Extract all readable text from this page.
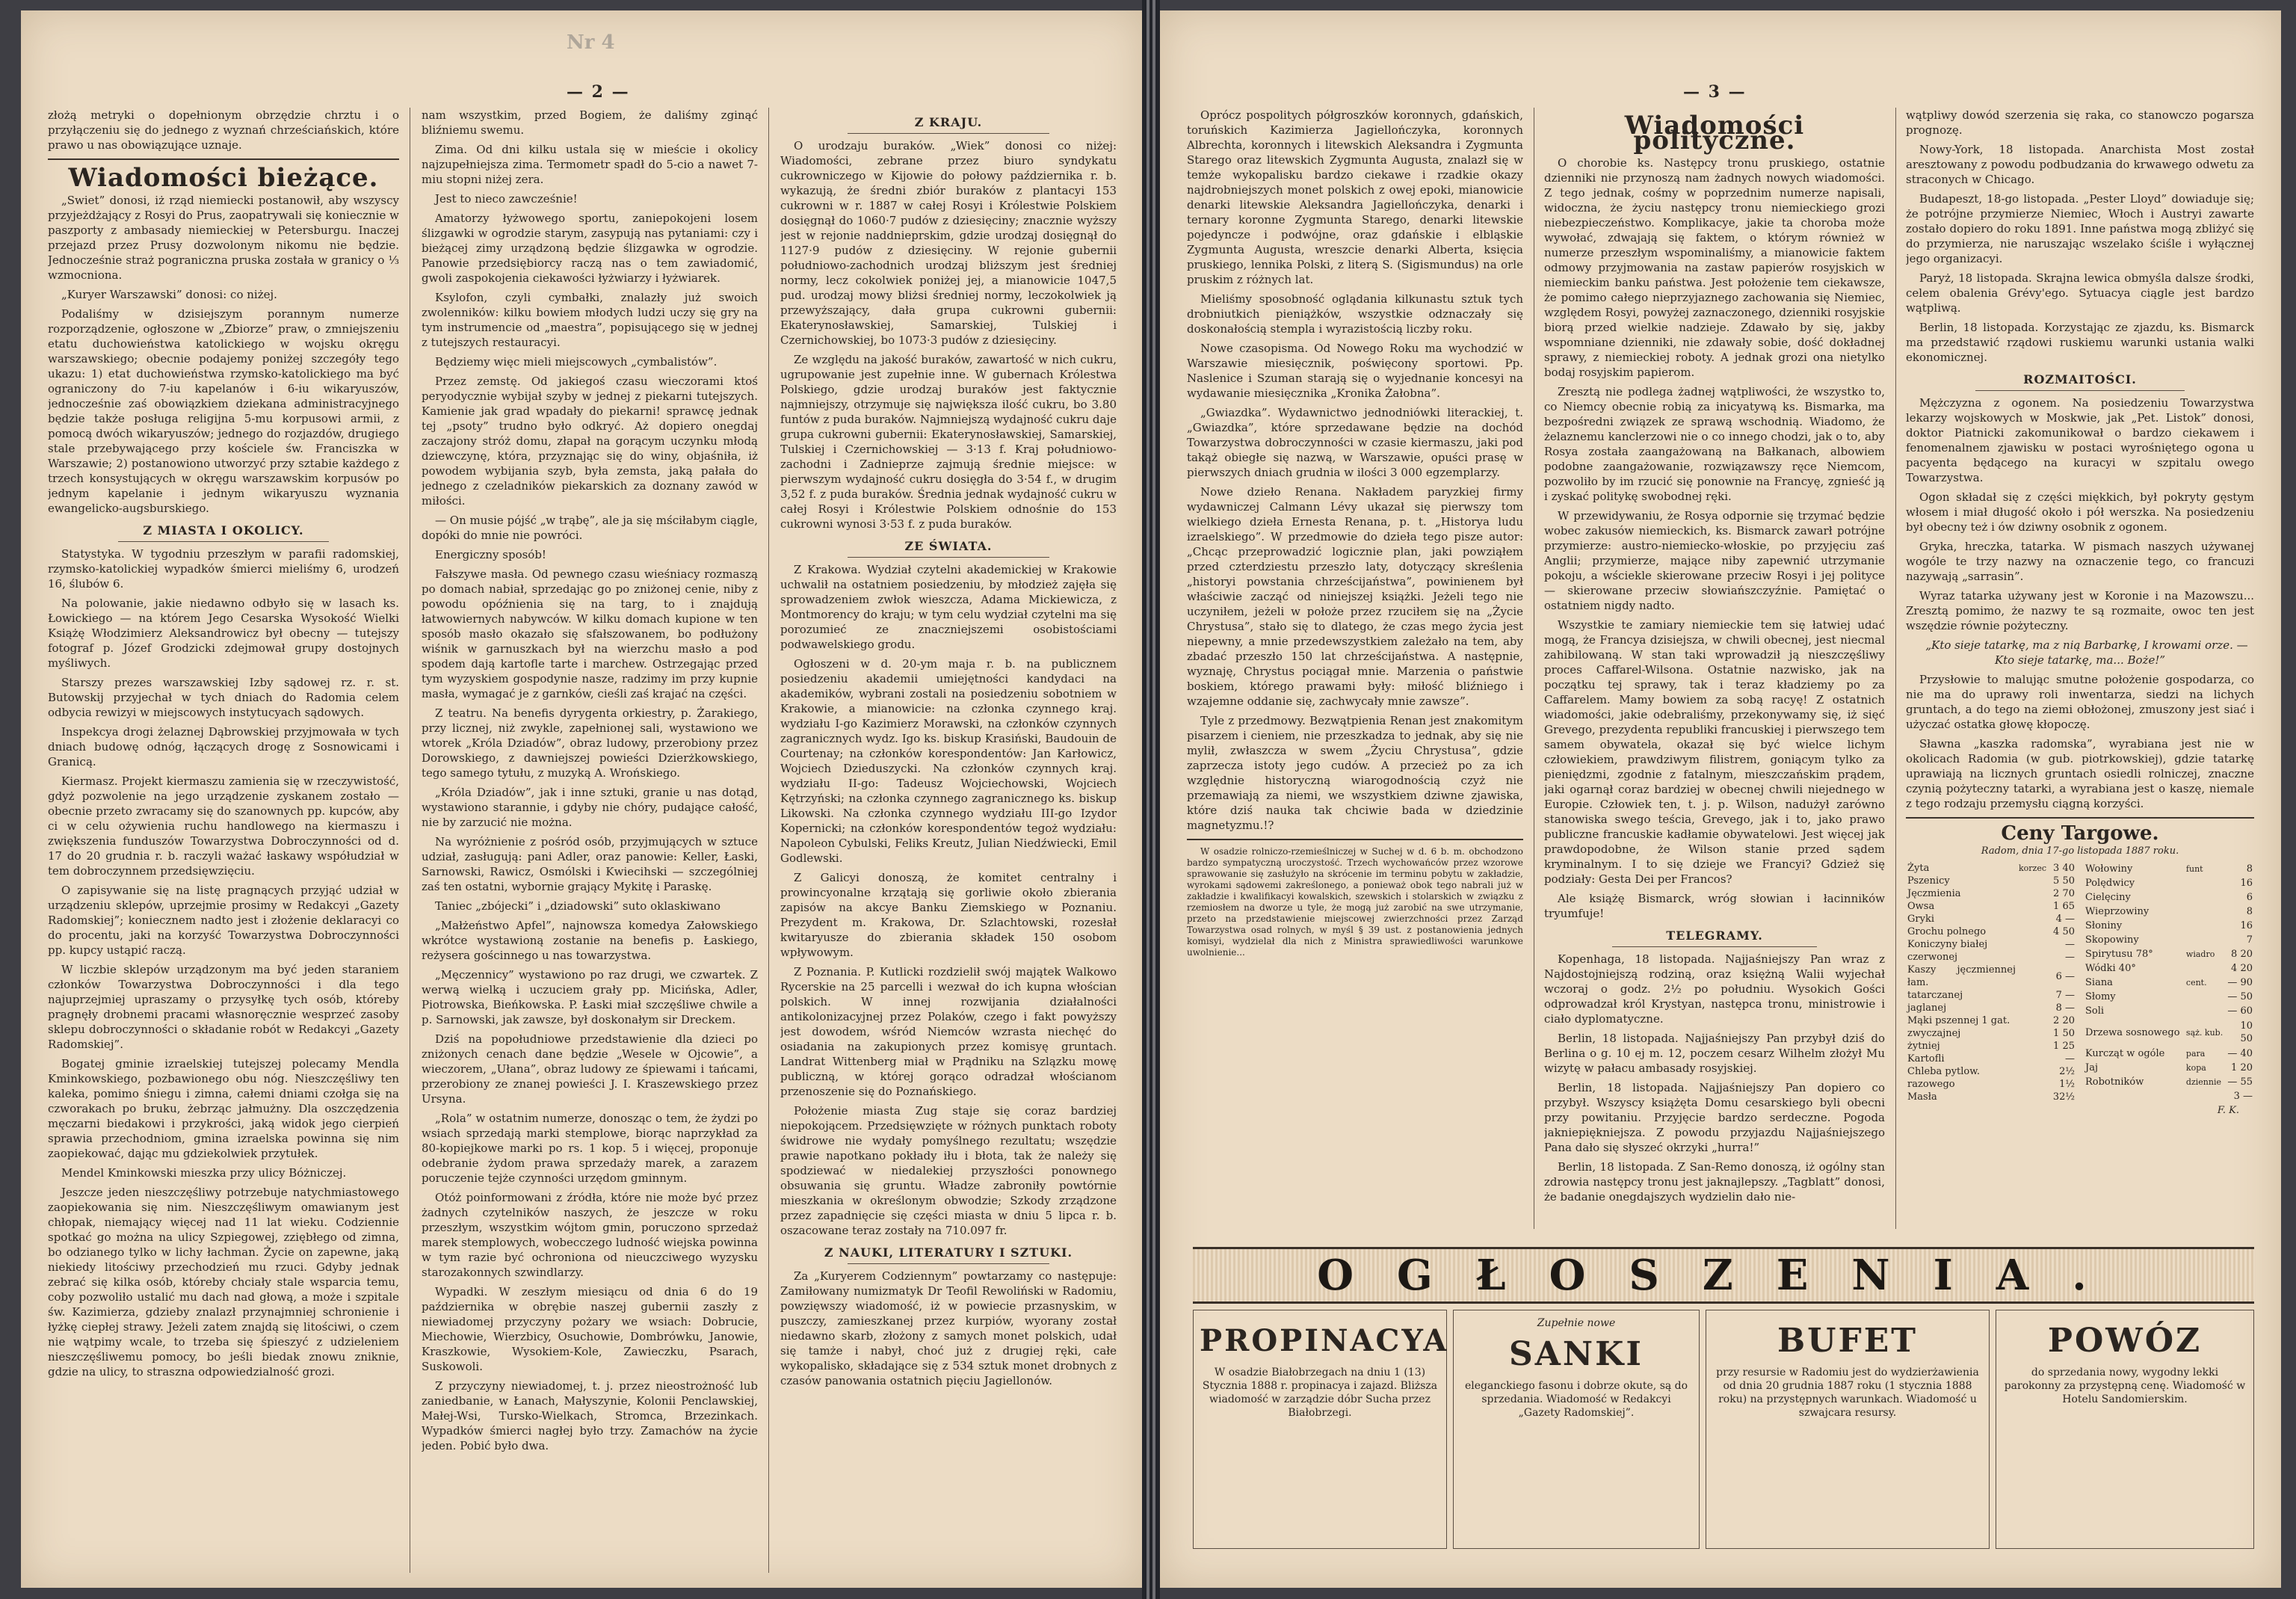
Nr 4
— 2 —

złożą metryki o dopełnionym obrzędzie chrztu i o przyłączeniu się do jednego z wyznań chrześciańskich, które prawo u nas obowiązujące uznaje.

Wiadomości bieżące.

„Swiet” donosi, iż rząd niemiecki postanowił, aby wszyscy przyjeżdżający z Rosyi do Prus, zaopatrywali się koniecznie w paszporty z ambasady niemieckiej w Petersburgu. Inaczej przejazd przez Prusy dozwolonym nikomu nie będzie. Jednocześnie straż pograniczna pruska została w granicy o ⅓ wzmocniona.

„Kuryer Warszawski” donosi: co niżej.

Podaliśmy w dzisiejszym porannym numerze rozporządzenie, ogłoszone w „Zbiorze” praw, o zmniejszeniu etatu duchowieństwa katolickiego w wojsku okręgu warszawskiego; obecnie podajemy poniżej szczegóły tego ukazu: 1) etat duchowieństwa rzymsko-katolickiego ma być ograniczony do 7-iu kapelanów i 6-iu wikaryuszów, jednocześnie zaś obowiązkiem dziekana administracyjnego będzie także posługa religijna 5-mu korpusowi armii, z pomocą dwóch wikaryuszów; jednego do rozjazdów, drugiego stale przebywającego przy kościele św. Franciszka w Warszawie; 2) postanowiono utworzyć przy sztabie każdego z trzech konsystujących w okręgu warszawskim korpusów po jednym kapelanie i jednym wikaryuszu wyznania ewangelicko-augsburskiego.

Z MIASTA I OKOLICY.

Statystyka. W tygodniu przeszłym w parafii radomskiej, rzymsko-katolickiej wypadków śmierci mieliśmy 6, urodzeń 16, ślubów 6.

Na polowanie, jakie niedawno odbyło się w lasach ks. Łowickiego — na którem Jego Cesarska Wysokość Wielki Książę Włodzimierz Aleksandrowicz był obecny — tutejszy fotograf p. Józef Grodzicki zdejmował grupy dostojnych myśliwych.

Starszy prezes warszawskiej Izby sądowej rz. r. st. Butowskij przyjechał w tych dniach do Radomia celem odbycia rewizyi w miejscowych instytucyach sądowych.

Inspekcya drogi żelaznej Dąbrowskiej przyjmowała w tych dniach budowę odnóg, łączących drogę z Sosnowicami i Granicą.

Kiermasz. Projekt kiermaszu zamienia się w rzeczywistość, gdyż pozwolenie na jego urządzenie zyskanem zostało — obecnie przeto zwracamy się do szanownych pp. kupców, aby ci w celu ożywienia ruchu handlowego na kiermaszu i zwiększenia funduszów Towarzystwa Dobroczynności od d. 17 do 20 grudnia r. b. raczyli ważać łaskawy współudział w tem dobroczynnem przedsięwzięciu.

O zapisywanie się na listę pragnących przyjąć udział w urządzeniu sklepów, uprzejmie prosimy w Redakcyi „Gazety Radomskiej”; koniecznem nadto jest i złożenie deklaracyi co do procentu, jaki na korzyść Towarzystwa Dobroczynności pp. kupcy ustąpić raczą.

W liczbie sklepów urządzonym ma być jeden staraniem członków Towarzystwa Dobroczynności i dla tego najuprzejmiej upraszamy o przysyłkę tych osób, któreby pragnęły drobnemi pracami własnoręcznie wesprzeć zasoby sklepu dobroczynności o składanie robót w Redakcyi „Gazety Radomskiej”.

Bogatej gminie izraelskiej tutejszej polecamy Mendla Kminkowskiego, pozbawionego obu nóg. Nieszczęśliwy ten kaleka, pomimo śniegu i zimna, całemi dniami czołga się na czworakach po bruku, żebrząc jałmużny. Dla oszczędzenia męczarni biedakowi i przykrości, jaką widok jego cierpień sprawia przechodniom, gmina izraelska powinna się nim zaopiekować, dając mu gdziekolwiek przytułek.

Mendel Kminkowski mieszka przy ulicy Bóżniczej.

Jeszcze jeden nieszczęśliwy potrzebuje natychmiastowego zaopiekowania się nim. Nieszczęśliwym omawianym jest chłopak, niemający więcej nad 11 lat wieku. Codziennie spotkać go można na ulicy Szpiegowej, zziębłego od zimna, bo odzianego tylko w lichy łachman. Życie on zapewne, jaką niekiedy litościwy przechodzień mu rzuci. Gdyby jednak zebrać się kilka osób, któreby chciały stale wsparcia temu, coby pozwoliło ustalić mu dach nad głową, a może i szpitale św. Kazimierza, gdzieby znalazł przynajmniej schronienie i łyżkę ciepłej strawy. Jeżeli zatem znajdą się litościwi, o czem nie wątpimy wcale, to trzeba się śpieszyć z udzieleniem nieszczęśliwemu pomocy, bo jeśli biedak znowu zniknie, gdzie na ulicy, to straszna odpowiedzialność grozi.

nam wszystkim, przed Bogiem, że daliśmy zginąć bliźniemu swemu.

Zima. Od dni kilku ustala się w mieście i okolicy najzupełniejsza zima. Termometr spadł do 5-cio a nawet 7-miu stopni niżej zera.

Jest to nieco zawcześnie!

Amatorzy łyżwowego sportu, zaniepokojeni losem ślizgawki w ogrodzie starym, zasypują nas pytaniami: czy i bieżącej zimy urządzoną będzie ślizgawka w ogrodzie. Panowie przedsiębiorcy raczą nas o tem zawiadomić, gwoli zaspokojenia ciekawości łyżwiarzy i łyżwiarek.

Ksylofon, czyli cymbałki, znalazły już swoich zwolenników: kilku bowiem młodych ludzi uczy się gry na tym instrumencie od „maestra”, popisującego się w jednej z tutejszych restauracyi.

Będziemy więc mieli miejscowych „cymbalistów”.

Przez zemstę. Od jakiegoś czasu wieczorami ktoś peryodycznie wybijał szyby w jednej z piekarni tutejszych. Kamienie jak grad wpadały do piekarni! sprawcę jednak tej „psoty” trudno było odkryć. Aż dopiero onegdaj zaczajony stróż domu, złapał na gorącym uczynku młodą dziewczynę, która, przyznając się do winy, objaśniła, iż powodem wybijania szyb, była zemsta, jaką pałała do jednego z czeladników piekarskich za doznany zawód w miłości.

— On musie pójść „w trąbę”, ale ja się mściłabym ciągle, dopóki do mnie nie powróci.

Energiczny sposób!

Fałszywe masła. Od pewnego czasu wieśniacy rozmaszą po domach nabiał, sprzedając go po zniżonej cenie, niby z powodu opóźnienia się na targ, to i znajdują łatwowiernych nabywców. W kilku domach kupione w ten sposób masło okazało się sfałszowanem, bo podłużony wiśnik w garnuszkach był na wierzchu masło a pod spodem dają kartofle tarte i marchew. Ostrzegając przed tym wyzyskiem gospodynie nasze, radzimy im przy kupnie masła, wymagać je z garnków, cieśli zaś krajać na części.

Z teatru. Na benefis dyrygenta orkiestry, p. Żarakiego, przy licznej, niż zwykle, zapełnionej sali, wystawiono we wtorek „Króla Dziadów”, obraz ludowy, przerobiony przez Dorowskiego, z dawniejszej powieści Dzierżkowskiego, tego samego tytułu, z muzyką A. Wrońskiego.

„Króla Dziadów”, jak i inne sztuki, granie u nas dotąd, wystawiono starannie, i gdyby nie chóry, pudające całość, nie by zarzucić nie można.

Na wyróżnienie z pośród osób, przyjmujących w sztuce udział, zasługują: pani Adler, oraz panowie: Keller, Łaski, Sarnowski, Rawicz, Osmólski i Kwiecihski — szczególniej zaś ten ostatni, wybornie grający Mykitę i Paraskę.

Taniec „zbójecki” i „dziadowski” suto oklaskiwano

„Małżeństwo Apfel”, najnowsza komedya Załowskiego wkrótce wystawioną zostanie na benefis p. Łaskiego, reżysera gościnnego u nas towarzystwa.

„Męczennicy” wystawiono po raz drugi, we czwartek. Z werwą wielką i uczuciem grały pp. Micińska, Adler, Piotrowska, Bieńkowska. P. Łaski miał szczęśliwe chwile a p. Sarnowski, jak zawsze, był doskonałym sir Dreckem.

Dziś na popołudniowe przedstawienie dla dzieci po zniżonych cenach dane będzie „Wesele w Ojcowie”, a wieczorem, „Ułana”, obraz ludowy ze śpiewami i tańcami, przerobiony ze znanej powieści J. I. Kraszewskiego przez Ursyna.

„Rola” w ostatnim numerze, donosząc o tem, że żydzi po wsiach sprzedają marki stemplowe, biorąc naprzykład za 80-kopiejkowe marki po rs. 1 kop. 5 i więcej, proponuje odebranie żydom prawa sprzedaży marek, a zarazem poruczenie tejże czynności urzędom gminnym.

Otóż poinformowani z źródła, które nie może być przez żadnych czytelników naszych, że jeszcze w roku przeszłym, wszystkim wójtom gmin, poruczono sprzedaż marek stemplowych, wobecczego ludność wiejska powinna w tym razie być ochroniona od nieuczciwego wyzysku starozakonnych szwindlarzy.

Wypadki. W zeszłym miesiącu od dnia 6 do 19 października w obrębie naszej gubernii zaszły z niewiadomej przyczyny pożary we wsiach: Dobrucie, Miechowie, Wierzbicy, Osuchowie, Dombrówku, Janowie, Kraszkowie, Wysokiem-Kole, Zawieczku, Psarach, Suskowoli.

Z przyczyny niewiadomej, t. j. przez nieostrożność lub zaniedbanie, w Łanach, Małyszynie, Kolonii Penclawskiej, Małej-Wsi, Tursko-Wielkach, Stromca, Brzezinkach. Wypadków śmierci nagłej było trzy. Zamachów na życie jeden. Pobić było dwa.

Z KRAJU.

O urodzaju buraków. „Wiek” donosi co niżej: Wiadomości, zebrane przez biuro syndykatu cukrowniczego w Kijowie do połowy października r. b. wykazują, że średni zbiór buraków z plantacyi 153 cukrowni w r. 1887 w całej Rosyi i Królestwie Polskiem dosięgnął do 1060·7 pudów z dziesięciny; znacznie wyższy jest w rejonie naddnieprskim, gdzie urodzaj dosięgnął do 1127·9 pudów z dziesięciny. W rejonie gubernii południowo-zachodnich urodzaj bliższym jest średniej normy, lecz cokolwiek poniżej jej, a mianowicie 1047,5 pud. urodzaj mowy bliżsi średniej normy, leczokolwiek ją przewyższający, dała grupa cukrowni gubernii: Ekaterynosławskiej, Samarskiej, Tulskiej i Czernichowskiej, bo 1073·3 pudów z dziesięciny.

Ze względu na jakość buraków, zawartość w nich cukru, ugrupowanie jest zupełnie inne. W gubernach Królestwa Polskiego, gdzie urodzaj buraków jest faktycznie najmniejszy, otrzymuje się największa ilość cukru, bo 3.80 funtów z puda buraków. Najmniejszą wydajność cukru daje grupa cukrowni gubernii: Ekaterynosławskiej, Samarskiej, Tulskiej i Czernichowskiej — 3·13 f. Kraj południowo-zachodni i Zadnieprze zajmują średnie miejsce: w pierwszym wydajność cukru dosięgła do 3·54 f., w drugim 3,52 f. z puda buraków. Średnia jednak wydajność cukru w całej Rosyi i Królestwie Polskiem odnośnie do 153 cukrowni wynosi 3·53 f. z puda buraków.

ZE ŚWIATA.

Z Krakowa. Wydział czytelni akademickiej w Krakowie uchwalił na ostatniem posiedzeniu, by młodzież zajęła się sprowadzeniem zwłok wieszcza, Adama Mickiewicza, z Montmorency do kraju; w tym celu wydział czytelni ma się porozumieć ze znaczniejszemi osobistościami podwawelskiego grodu.

Ogłoszeni w d. 20-ym maja r. b. na publicznem posiedzeniu akademii umiejętności kandydaci na akademików, wybrani zostali na posiedzeniu sobotniem w Krakowie, a mianowicie: na członka czynnego kraj. wydziału I-go Kazimierz Morawski, na członków czynnych zagranicznych wydz. Igo ks. biskup Krasiński, Baudouin de Courtenay; na członków korespondentów: Jan Karłowicz, Wojciech Dzieduszycki. Na członków czynnych kraj. wydziału II-go: Tadeusz Wojciechowski, Wojciech Kętrzyński; na członka czynnego zagranicznego ks. biskup Likowski. Na członka czynnego wydziału III-go Izydor Kopernicki; na członków korespondentów tegoż wydziału: Napoleon Cybulski, Feliks Kreutz, Julian Niedźwiecki, Emil Godlewski.

Z Galicyi donoszą, że komitet centralny i prowincyonalne krzątają się gorliwie około zbierania zapisów na akcye Banku Ziemskiego w Poznaniu. Prezydent m. Krakowa, Dr. Szlachtowski, rozesłał kwitaryusze do zbierania składek 150 osobom wpływowym.

Z Poznania. P. Kutlicki rozdzielił swój majątek Walkowo Rycerskie na 25 parcelli i wezwał do ich kupna włościan polskich. W innej rozwijania działalności antikolonizacyjnej przez Polaków, czego i fakt powyższy jest dowodem, wśród Niemców wzrasta niechęć do osiadania na zakupionych przez komisyę gruntach. Landrat Wittenberg miał w Prądniku na Szlązku mowę publiczną, w której gorąco odradzał włościanom przenoszenie się do Poznańskiego.

Położenie miasta Zug staje się coraz bardziej niepokojącem. Przedsięwzięte w różnych punktach roboty świdrowe nie wydały pomyślnego rezultatu; wszędzie prawie napotkano pokłady iłu i błota, tak że należy się spodziewać w niedalekiej przyszłości ponownego obsuwania się gruntu. Władze zabroniły powtórnie mieszkania w określonym obwodzie; Szkody zrządzone przez zapadnięcie się części miasta w dniu 5 lipca r. b. oszacowane teraz zostały na 710.097 fr.

Z NAUKI, LITERATURY I SZTUKI.

Za „Kuryerem Codziennym” powtarzamy co następuje: Zamiłowany numizmatyk Dr Teofil Rewoliński w Radomiu, powzięwszy wiadomość, iż w powiecie przasnyskim, w puszczy, zamieszkanej przez kurpiów, wyorany został niedawno skarb, złożony z samych monet polskich, udał się tamże i nabył, choć już z drugiej ręki, całe wykopalisko, składające się z 534 sztuk monet drobnych z czasów panowania ostatnich pięciu Jagiellonów.

— 3 —

Oprócz pospolitych półgroszków koronnych, gdańskich, toruńskich Kazimierza Jagiellończyka, koronnych Albrechta, koronnych i litewskich Aleksandra i Zygmunta Starego oraz litewskich Zygmunta Augusta, znalazł się w temże wykopalisku bardzo ciekawe i rzadkie okazy najdrobniejszych monet polskich z owej epoki, mianowicie denarki litewskie Aleksandra Jagiellończyka, denarki i ternary koronne Zygmunta Starego, denarki litewskie pojedyncze i podwójne, oraz gdańskie i elbląskie Zygmunta Augusta, wreszcie denarki Albertа, księcia pruskiego, lennika Polski, z literą S. (Sigismundus) na orle pruskim z różnych lat.

Mieliśmy sposobność oglądania kilkunastu sztuk tych drobniutkich pieniążków, wszystkie odznaczały się doskonałością stempla i wyrazistością liczby roku.

Nowe czasopisma. Od Nowego Roku ma wychodzić w Warszawie miesięcznik, poświęcony sportowi. Pp. Naslenice i Szuman starają się o wyjednanie koncesyi na wydawanie miesięcznika „Kronika Żałobna”.

„Gwiazdka”. Wydawnictwo jednodniówki literackiej, t. „Gwiazdka”, które sprzedawane będzie na dochód Towarzystwa dobroczynności w czasie kiermaszu, jaki pod takąż obiegłe się nazwą, w Warszawie, opuści prasę w pierwszych dniach grudnia w ilości 3 000 egzemplarzy.

Nowe dzieło Renana. Nakładem paryzkiej firmy wydawniczej Calmann Lévy ukazał się pierwszy tom wielkiego dzieła Ernesta Renana, p. t. „Historya ludu izraelskiego”. W przedmowie do dzieła tego pisze autor: „Chcąc przeprowadzić logicznie plan, jaki powziąłem przed czterdziestu przeszło laty, dotyczący skreślenia „historyi powstania chrześcijaństwa”, powinienem był właściwie zacząć od niniejszej książki. Jeżeli tego nie uczyniłem, jeżeli w położe przez rzuciłem się na „Życie Chrystusa”, stało się to dlatego, że czas mego życia jest niepewny, a mnie przedewszystkiem zależało na tem, aby zbadać przeszło 150 lat chrześcijaństwa. A następnie, wyznaję, Chrystus pociągał mnie. Marzenia o państwie boskiem, którego prawami były: miłość bliźniego i wzajemne oddanie się, zachwycały mnie zawsze”.

Tyle z przedmowy. Bezwątpienia Renan jest znakomitym pisarzem i cieniem, nie przeszkadza to jednak, aby się nie mylił, zwłaszcza w swem „Życiu Chrystusa”, gdzie zaprzecza istoty jego cudów. A przecież po za ich względnie historyczną wiarogodnością czyż nie przemawiają za niemi, we wszystkiem dziwne zjawiska, które dziś nauka tak chciwie bada w dziedzinie magnetyzmu.!?

W osadzie rolniczo-rzemieślniczej w Suchej w d. 6 b. m. obchodzono bardzo sympatyczną uroczystość. Trzech wychowańców przez wzorowe sprawowanie się zasłużyło na skrócenie im terminu pobytu w zakładzie, wyrokami sądowemi zakreślonego, a ponieważ obok tego nabrali już w zakładzie i kwalifikacyi kowalskich, szewskich i stolarskich w związku z rzemiosłem na dworze u tyle, że mogą już zarobić na swe utrzymanie, przeto na przedstawienie miejscowej zwierzchności przez Zarząd Towarzystwa osad rolnych, w myśl § 39 ust. z postanowienia jednych komisyi, wydzielał dla nich z Ministra sprawiedliwości warunkowe uwolnienie...

Wiadomości polityczne.

O chorobie ks. Następcy tronu pruskiego, ostatnie dzienniki nie przynoszą nam żadnych nowych wiadomości. Z tego jednak, cośmy w poprzednim numerze napisali, widoczna, że życiu następcy tronu niemieckiego grozi niebezpieczeństwo. Komplikacye, jakie ta choroba może wywołać, zdwajają się faktem, o którym również w numerze przeszłym wspominaliśmy, a mianowicie faktem odmowy przyjmowania na zastaw papierów rosyjskich w niemieckim banku państwa. Jest położenie tem ciekawsze, że pomimo całego nieprzyjaznego zachowania się Niemiec, względem Rosyi, powyżej zaznaczonego, dzienniki rosyjskie biorą przed wielkie nadzieje. Zdawało by się, jakby wspomniane dzienniki, nie zdawały sobie, dość dokładnej sprawy, z niemieckiej roboty. A jednak grozi ona nietylko bodaj rosyjskim papierom.

Zresztą nie podlega żadnej wątpliwości, że wszystko to, co Niemcy obecnie robią za inicyatywą ks. Bismarka, ma bezpośredni związek ze sprawą wschodnią. Wiadomo, że żelaznemu kanclerzowi nie o co innego chodzi, jak o to, aby Rosya została zaangażowaną na Bałkanach, albowiem podobne zaangażowanie, rozwiązawszy ręce Niemcom, pozwoliło by im rzucić się ponownie na Francyę, zgnieść ją i zyskać politykę swobodnej ręki.

W przewidywaniu, że Rosya odpornie się trzymać będzie wobec zakusów niemieckich, ks. Bismarck zawarł potrójne przymierze: austro-niemiecko-włoskie, po przyjęciu zaś Anglii; przymierze, mające niby zapewnić utrzymanie pokoju, a wściekle skierowane przeciw Rosyi i jej polityce — skierowane przeciw słowiańszczyźnie. Pamiętać o ostatniem nigdy nadto.

Wszystkie te zamiary niemieckie tem się łatwiej udać mogą, że Francya dzisiejsza, w chwili obecnej, jest niecmal zahibilowaną. W stan taki wprowadził ją nieszczęśliwy proces Caffarel-Wilsona. Ostatnie nazwisko, jak na początku tej sprawy, tak i teraz kładziemy po za Caffarelem. Mamy bowiem za sobą racyę! Z ostatnich wiadomości, jakie odebraliśmy, przekonywamy się, iż sięć Grevego, prezydenta republiki francuskiej i pierwszego tem samem obywatela, okazał się być wielce lichym człowiekiem, prawdziwym filistrem, goniącym tylko za pieniędzmi, zgodnie z fatalnym, mieszczańskim prądem, jaki ogarnął coraz bardziej w obecnej chwili niejednego w Europie. Człowiek ten, t. j. p. Wilson, nadużył zarówno stanowiska swego teścia, Grevego, jak i to, jako prawo publiczne francuskie kadłamie obywatelowi. Jest więcej jak prawdopodobne, że Wilson stanie przed sądem kryminalnym. I to się dzieje we Francyi? Gdzież się podziały: Gesta Dei per Francos?

Ale książę Bismarck, wróg słowian i łacinników tryumfuje!

TELEGRAMY.

Kopenhaga, 18 listopada. Najjaśniejszy Pan wraz z Najdostojniejszą rodziną, oraz księżną Walii wyjechał wczoraj o godz. 2½ po południu. Wysokich Gości odprowadzał król Krystyan, następca tronu, ministrowie i ciało dyplomatyczne.

Berlin, 18 listopada. Najjaśniejszy Pan przybył dziś do Berlina o g. 10 ej m. 12, poczem cesarz Wilhelm złożył Mu wizytę w pałacu ambasady rosyjskiej.

Berlin, 18 listopada. Najjaśniejszy Pan dopiero co przybył. Wszyscy książęta Domu cesarskiego byli obecni przy powitaniu. Przyjęcie bardzo serdeczne. Pogoda jakniepiękniejsza. Z powodu przyjazdu Najjaśniejszego Pana dało się słyszeć okrzyki „hurra!”

Berlin, 18 listopada. Z San-Remo donoszą, iż ogólny stan zdrowia następcy tronu jest jaknajlepszy. „Tagblatt” donosi, że badanie onegdajszych wydzielin dało nie-

wątpliwy dowód szerzenia się raka, co stanowczo pogarsza prognozę.

Nowy-York, 18 listopada. Anarchista Most został aresztowany z powodu podbudzania do krwawego odwetu za straconych w Chicago.

Budapeszt, 18-go listopada. „Pester Lloyd” dowiaduje się; że potrójne przymierze Niemiec, Włoch i Austryi zawarte zostało dopiero do roku 1891. Inne państwa mogą zbliżyć się do przymierza, nie naruszając wszelako ściśle i wyłącznej jego organizacyi.

Paryż, 18 listopada. Skrajna lewica obmyśla dalsze środki, celem obalenia Grévy'ego. Sytuacya ciągle jest bardzo wątpliwą.

Berlin, 18 listopada. Korzystając ze zjazdu, ks. Bismarck ma przedstawić rządowi ruskiemu warunki ustania walki ekonomicznej.

ROZMAITOŚCI.

Mężczyzna z ogonem. Na posiedzeniu Towarzystwa lekarzy wojskowych w Moskwie, jak „Pet. Listok” donosi, doktor Piatnicki zakomunikował o bardzo ciekawem i fenomenalnem zjawisku w postaci wyrośniętego ogona u pacyenta będącego na kuracyi w szpitalu owego Towarzystwa.

Ogon składał się z części miękkich, był pokryty gęstym włosem i miał długość około i pół werszka. Na posiedzeniu był obecny też i ów dziwny osobnik z ogonem.

Gryka, hreczka, tatarka. W pismach naszych używanej wogóle te trzy nazwy na oznaczenie tego, co francuzi nazywają „sarrasin”.

Wyraz tatarka używany jest w Koronie i na Mazowszu... Zresztą pomimo, że nazwy te są rozmaite, owoc ten jest wszędzie równie pożyteczny.

„Kto sieje tatarkę, ma z nią Barbarkę, I krowami orze. — Kto sieje tatarkę, ma... Boże!”

Przysłowie to malując smutne położenie gospodarza, co nie ma do uprawy roli inwentarza, siedzi na lichych gruntach, a do tego na ziemi obłożonej, zmuszony jest siać i użyczać ostatka głowę kłopoczę.

Sławna „kaszka radomska”, wyrabiana jest nie w okolicach Radomia (w gub. piotrkowskiej), gdzie tatarkę uprawiają na licznych gruntach osiedli rolniczej, znaczne czynią pożyteczny tatarki, a wyrabiana jest o kaszę, niemale z tego rodzaju przemysłu ciągną korzyści.

Ceny Targowe.
Radom, dnia 17-go listopada 1887 roku.
Żyta	korzec	3 40
Pszenicy		5 50
Jęczmienia		2 70
Owsa		1 65
Gryki		4 —
Grochu polnego		4 50
Koniczyny białej		—
czerwonej		—
Kaszy jęczmiennej łam.		6 —
tatarczanej		7 —
jaglanej		8 —
Mąki pszennej 1 gat.		2 20
zwyczajnej		1 50
żytniej		1 25
Kartofli		—
Chleba pytlow.		2½
razowego		1½
Masła		32½
Wołowiny	funt	8
Polędwicy		16
Cielęciny		6
Wieprzowiny		8
Słoniny		16
Skopowiny		7
Spirytusu 78°	wiadro	8 20
Wódki 40°		4 20
Siana	cent.	— 90
Słomy		— 50
Soli		— 60
Drzewa sosnowego	sąż. kub.	10 50
Kurcząt w ogóle	para	— 40
Jaj	kopa	1 20
Robotników	dziennie	— 55
		3 —
F. K.
OGŁOSZENIA.
PROPINACYA
W osadzie Białobrzegach na dniu 1 (13) Stycznia 1888 r. propinacya i zajazd. Bliższa wiadomość w zarządzie dóbr Sucha przez Białobrzegi.
Zupełnie nowe
SANKI
eleganckiego fasonu i dobrze okute, są do sprzedania. Wiadomość w Redakcyi „Gazety Radomskiej”.
BUFET
przy resursie w Radomiu jest do wydzierżawienia od dnia 20 grudnia 1887 roku (1 stycznia 1888 roku) na przystępnych warunkach. Wiadomość u szwajcara resursy.
POWÓZ
do sprzedania nowy, wygodny lekki parokonny za przystępną cenę. Wiadomość w Hotelu Sandomierskim.
